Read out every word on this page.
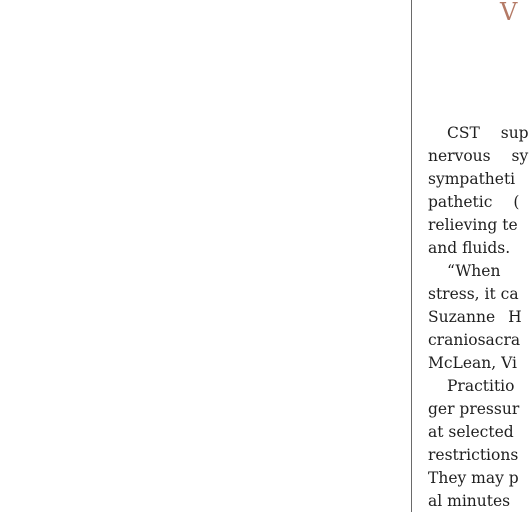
V
CST sup
nervous sy
sympatheti
pathetic (
relieving te
and fluids.
“When
stress, it ca
Suzanne H
craniosacra
McLean, Vi
Practitio
ger pressur
at selected
restrictions
They may p
al minutes
